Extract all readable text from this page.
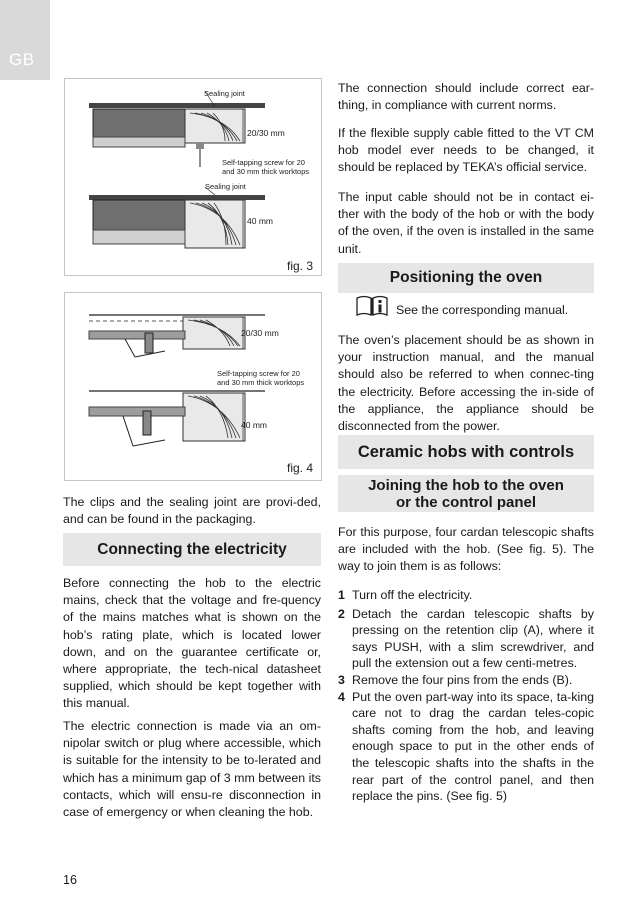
GB
Sealing joint
20/30 mm
Self-tapping screw for 20
and 30 mm thick worktops
Sealing joint
40 mm
fig. 3
20/30 mm
Self-tapping screw for 20
and 30 mm thick worktops
40 mm
fig. 4

The clips and the sealing joint are provi-ded, and can be found in the packaging.

Connecting the electricity

Before connecting the hob to the electric mains, check that the voltage and fre-quency of the mains matches what is shown on the hob’s rating plate, which is located lower down, and on the guarantee certificate or, where appropriate, the tech-nical datasheet supplied, which should be kept together with this manual.

The electric connection is made via an om-nipolar switch or plug where accessible, which is suitable for the intensity to be to-lerated and which has a minimum gap of 3 mm between its contacts, which will ensu-re disconnection in case of emergency or when cleaning the hob.

The connection should include correct ear-thing, in compliance with current norms.

If the flexible supply cable fitted to the VT CM hob model ever needs to be changed, it should be replaced by TEKA’s official service.

The input cable should not be in contact ei-ther with the body of the hob or with the body of the oven, if the oven is installed in the same unit.

Positioning the oven
See the corresponding manual.

The oven’s placement should be as shown in your instruction manual, and the manual should also be referred to when connec-ting the electricity. Before accessing the in-side of the appliance, the appliance should be disconnected from the power.

Ceramic hobs with controls
Joining the hob to the oven
or the control panel

For this purpose, four cardan telescopic shafts are included with the hob. (See fig. 5). The way to join them is as follows:

1 Turn off the electricity.
2 Detach the cardan telescopic shafts by pressing on the retention clip (A), where it says PUSH, with a slim screwdriver, and pull the extension out a few centi-metres.
3 Remove the four pins from the ends (B).
4 Put the oven part-way into its space, ta-king care not to drag the cardan teles-copic shafts coming from the hob, and leaving enough space to put in the other ends of the telescopic shafts into the shafts in the rear part of the control panel, and then replace the pins. (See fig. 5)
16
